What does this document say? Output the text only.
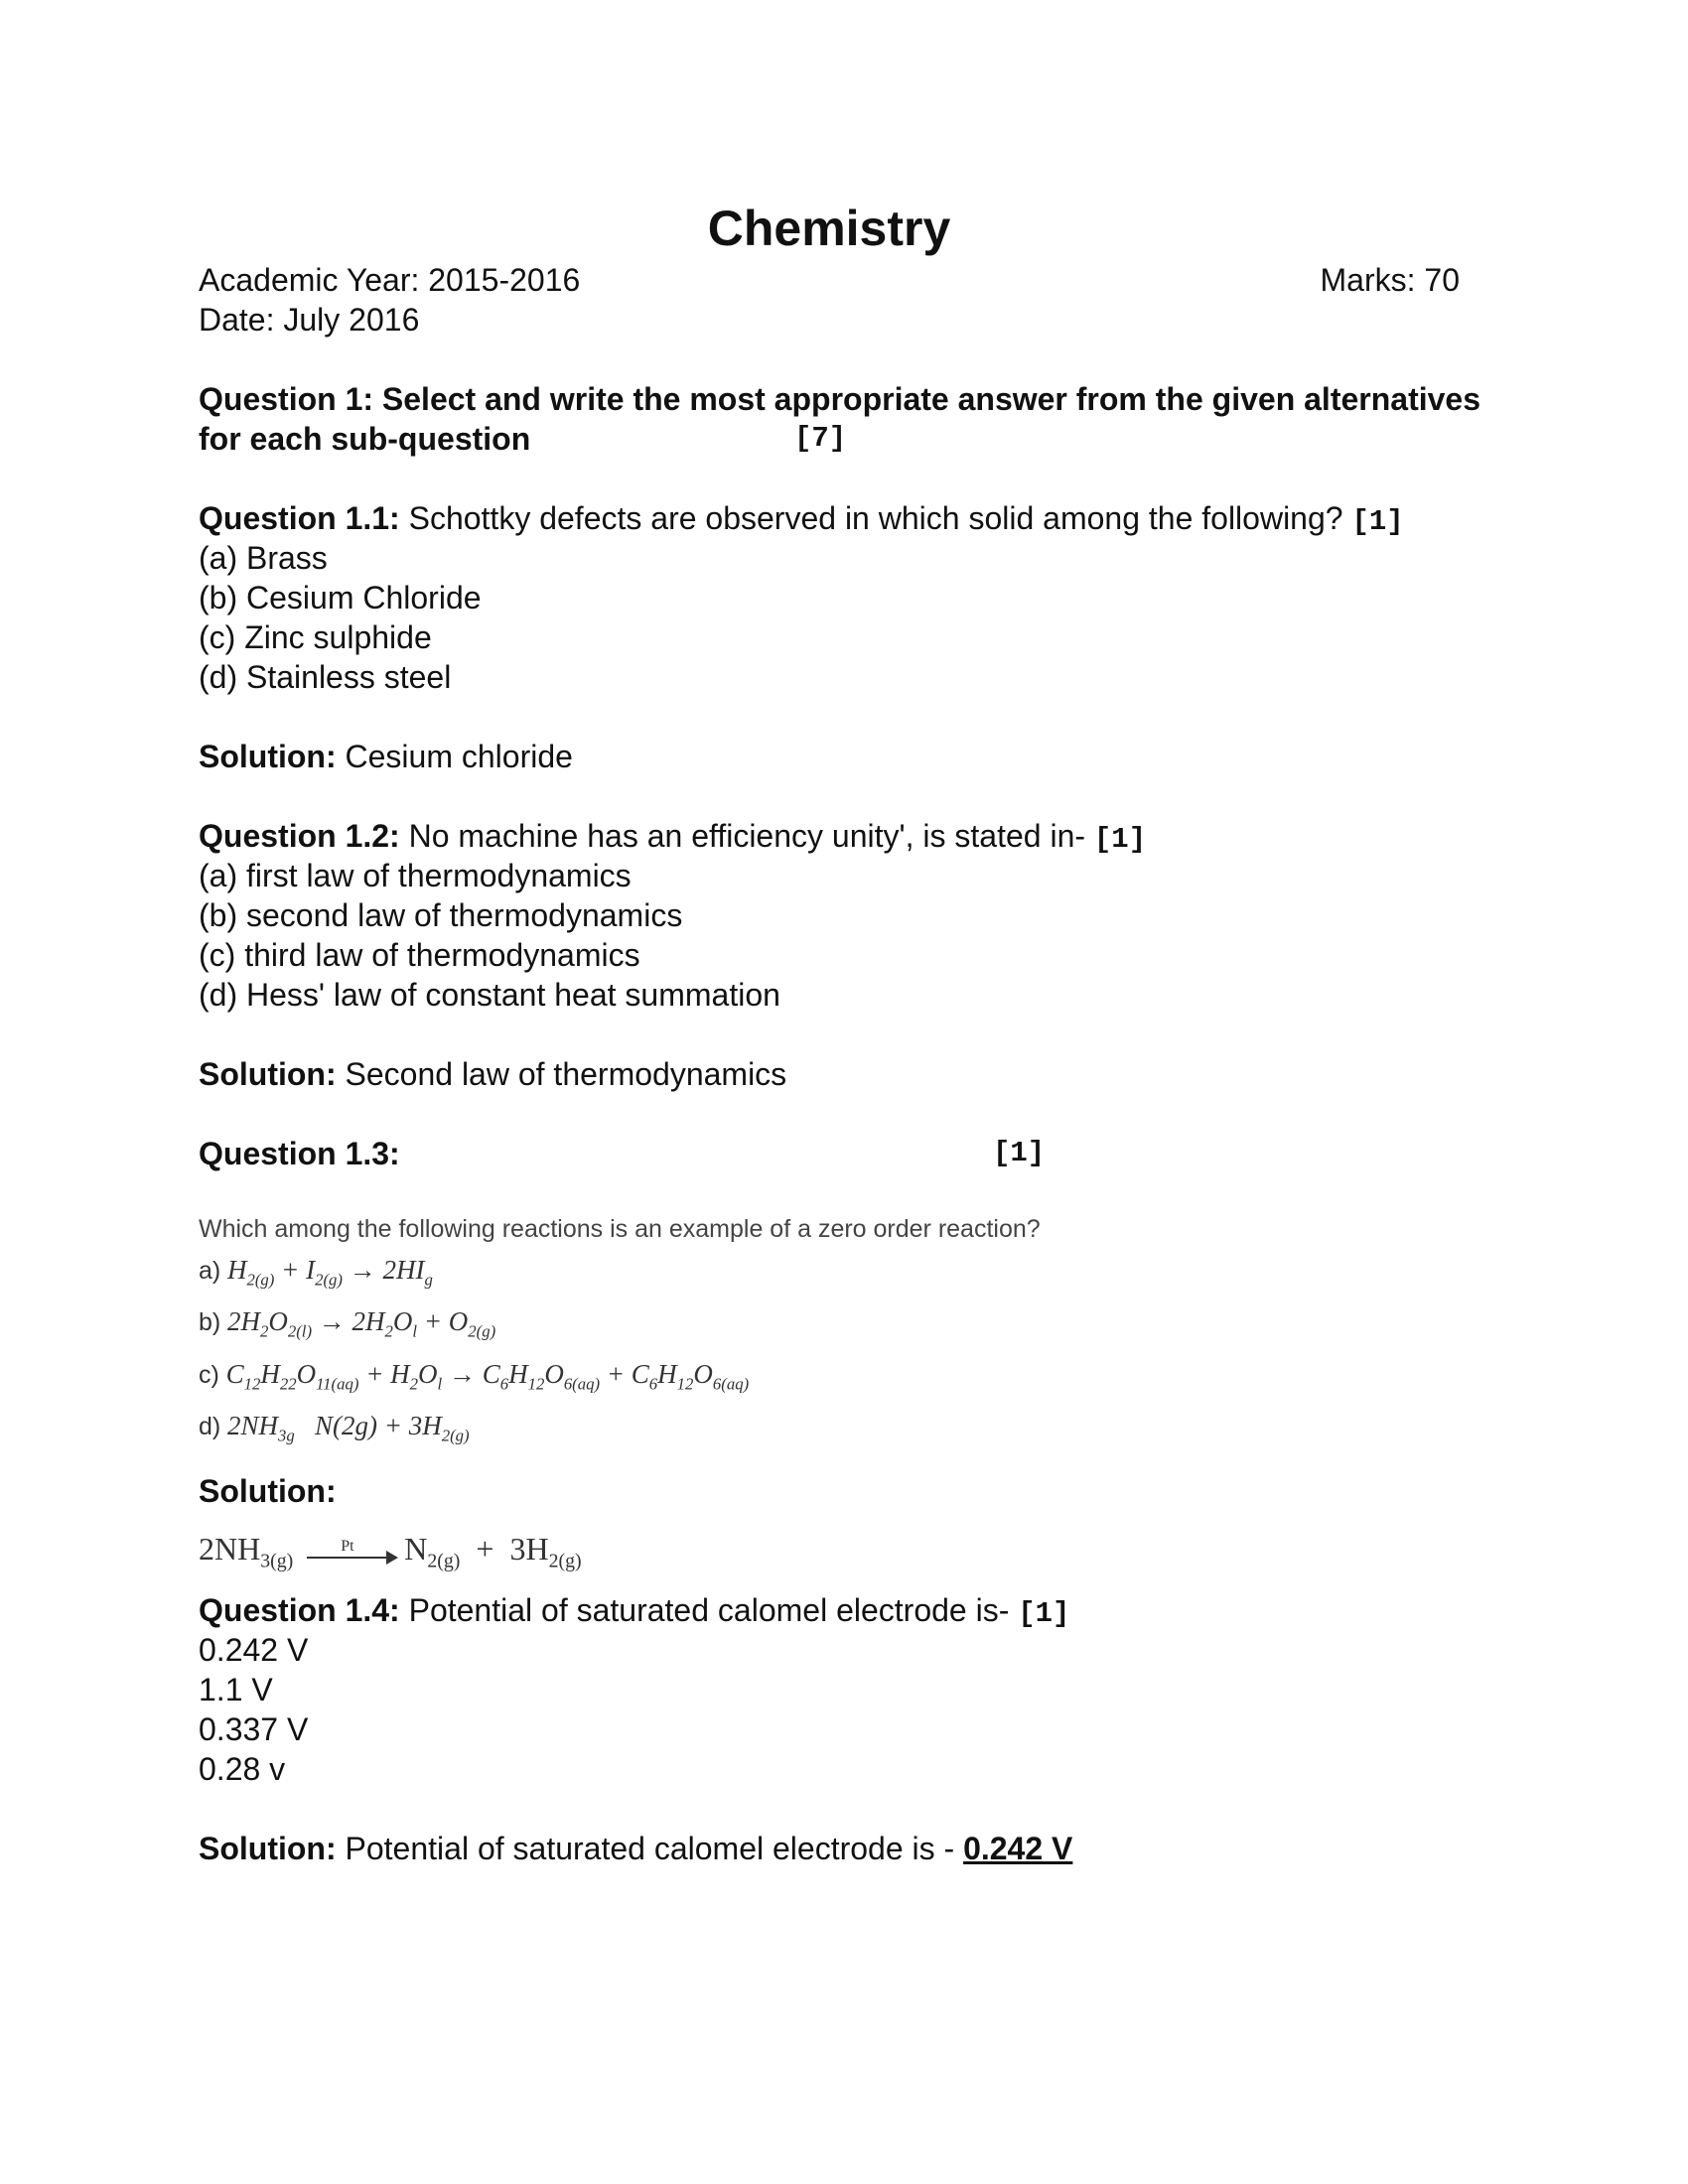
Chemistry
Academic Year: 2015-2016	Marks: 70
Date: July 2016
Question 1: Select and write the most appropriate answer from the given alternatives
for each sub-question	[7]
Question 1.1: Schottky defects are observed in which solid among the following? [1]
(a) Brass
(b) Cesium Chloride
(c) Zinc sulphide
(d) Stainless steel
Solution: Cesium chloride
Question 1.2: No machine has an efficiency unity', is stated in- [1]
(a) first law of thermodynamics
(b) second law of thermodynamics
(c) third law of thermodynamics
(d) Hess' law of constant heat summation
Solution: Second law of thermodynamics
Question 1.3:	[1]
Which among the following reactions is an example of a zero order reaction?
a) $H_{2(g)} + I_{2(g)} \to 2HI_g$
b) $2H_2O_{2(l)} \to 2H_2O_l + O_{2(g)}$
c) $C_{12}H_{22}O_{11(aq)} + H_2O_l \to C_6H_{12}O_{6(aq)} + C_6H_{12}O_{6(aq)}$
d) $2NH_{3g}$   $N(2g) + 3H_{2(g)}$
Solution:
$2NH_{3(g)}$
Pt $N_{2(g)} + 3H_{2(g)}$
Question 1.4: Potential of saturated calomel electrode is- [1]
0.242 V
1.1 V
0.337 V
0.28 v
Solution: Potential of saturated calomel electrode is - 0.242 V
